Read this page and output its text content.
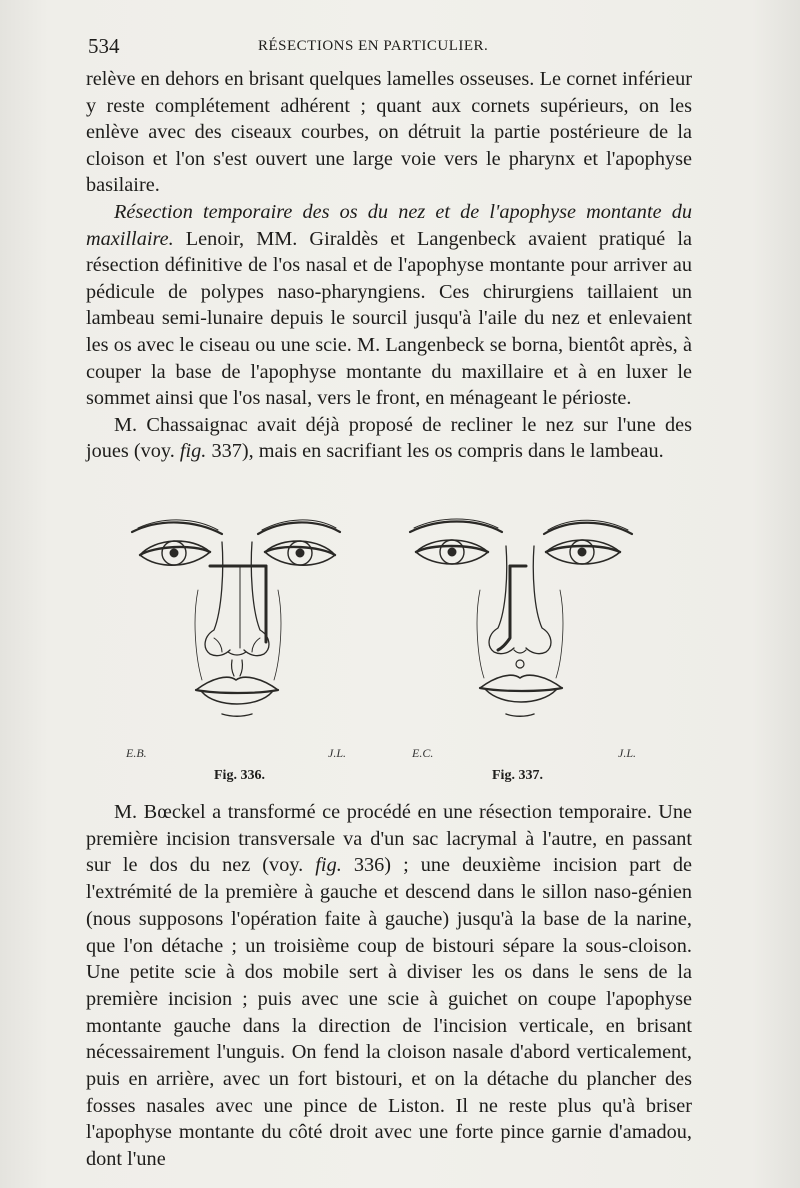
534	RÉSECTIONS EN PARTICULIER.

relève en dehors en brisant quelques lamelles osseuses. Le cornet inférieur y reste complétement adhérent ; quant aux cornets supérieurs, on les enlève avec des ciseaux courbes, on détruit la partie postérieure de la cloison et l'on s'est ouvert une large voie vers le pharynx et l'apophyse basilaire.

Résection temporaire des os du nez et de l'apophyse montante du maxillaire. Lenoir, MM. Giraldès et Langenbeck avaient pratiqué la résection définitive de l'os nasal et de l'apophyse montante pour arriver au pédicule de polypes naso-pharyngiens. Ces chirurgiens taillaient un lambeau semi-lunaire depuis le sourcil jusqu'à l'aile du nez et enlevaient les os avec le ciseau ou une scie. M. Langenbeck se borna, bientôt après, à couper la base de l'apophyse montante du maxillaire et à en luxer le sommet ainsi que l'os nasal, vers le front, en ménageant le périoste.

M. Chassaignac avait déjà proposé de recliner le nez sur l'une des joues (voy. fig. 337), mais en sacrifiant les os compris dans le lambeau.

E.B.
Fig. 336.
J.L.	E.C.
Fig. 337.
J.L.

M. Bœckel a transformé ce procédé en une résection temporaire. Une première incision transversale va d'un sac lacrymal à l'autre, en passant sur le dos du nez (voy. fig. 336) ; une deuxième incision part de l'extrémité de la première à gauche et descend dans le sillon naso-génien (nous supposons l'opération faite à gauche) jusqu'à la base de la narine, que l'on détache ; un troisième coup de bistouri sépare la sous-cloison. Une petite scie à dos mobile sert à diviser les os dans le sens de la première incision ; puis avec une scie à guichet on coupe l'apophyse montante gauche dans la direction de l'incision verticale, en brisant nécessairement l'unguis. On fend la cloison nasale d'abord verticalement, puis en arrière, avec un fort bistouri, et on la détache du plancher des fosses nasales avec une pince de Liston. Il ne reste plus qu'à briser l'apophyse montante du côté droit avec une forte pince garnie d'amadou, dont l'une
